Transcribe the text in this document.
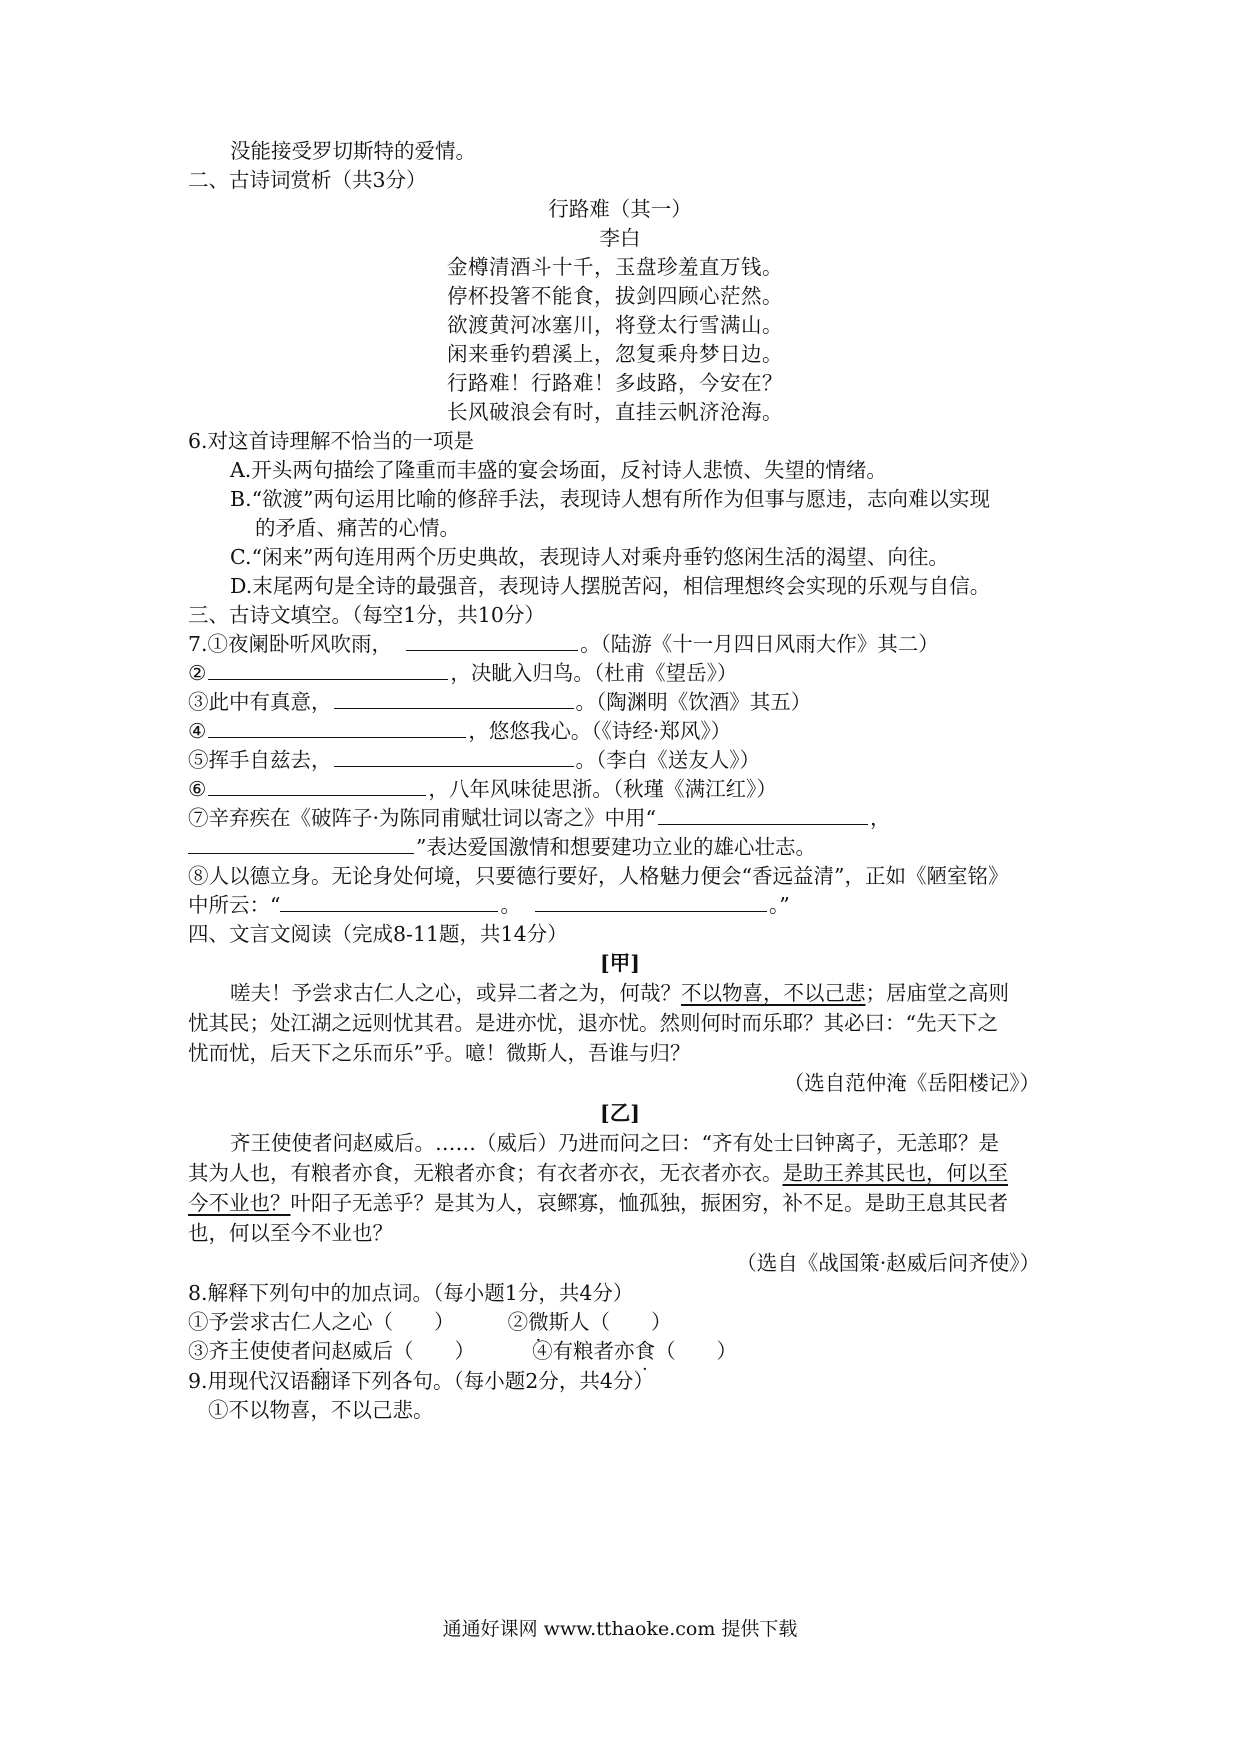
没能接受罗切斯特的爱情。
二、古诗词赏析（共3分）
行路难（其一）
李白
金樽清酒斗十千，玉盘珍羞直万钱。
停杯投箸不能食，拔剑四顾心茫然。
欲渡黄河冰塞川，将登太行雪满山。
闲来垂钓碧溪上，忽复乘舟梦日边。
行路难！行路难！多歧路，今安在？
长风破浪会有时，直挂云帆济沧海。
6.对这首诗理解不恰当的一项是
A.开头两句描绘了隆重而丰盛的宴会场面，反衬诗人悲愤、失望的情绪。
B.“欲渡”两句运用比喻的修辞手法，表现诗人想有所作为但事与愿违，志向难以实现
的矛盾、痛苦的心情。
C.“闲来”两句连用两个历史典故，表现诗人对乘舟垂钓悠闲生活的渴望、向往。
D.末尾两句是全诗的最强音，表现诗人摆脱苦闷，相信理想终会实现的乐观与自信。
三、古诗文填空。（每空1分，共10分）
7.①夜阑卧听风吹雨，	。（陆游《十一月四日风雨大作》其二）
②	，决眦入归鸟。（杜甫《望岳》）
③此中有真意，	。（陶渊明《饮酒》其五）
④	，悠悠我心。（《诗经·郑风》）
⑤挥手自兹去，	。（李白《送友人》）
⑥	，八年风味徒思浙。（秋瑾《满江红》）
⑦辛弃疾在《破阵子·为陈同甫赋壮词以寄之》中用“	，
”表达爱国激情和想要建功立业的雄心壮志。
⑧人以德立身。无论身处何境，只要德行要好，人格魅力便会“香远益清”，正如《陋室铭》
中所云：“	。	。”
四、文言文阅读（完成8-11题，共14分）
[甲]
嗟夫！予尝求古仁人之心，或异二者之为，何哉？不以物喜，不以己悲；居庙堂之高则
忧其民；处江湖之远则忧其君。是进亦忧，退亦忧。然则何时而乐耶？其必曰：“先天下之
忧而忧，后天下之乐而乐”乎。噫！微斯人，吾谁与归？
（选自范仲淹《岳阳楼记》）
[乙]
齐王使使者问赵威后。……（威后）乃进而问之曰：“齐有处士曰钟离子，无恙耶？是
其为人也，有粮者亦食，无粮者亦食；有衣者亦衣，无衣者亦衣。是助王养其民也，何以至
今不业也？叶阳子无恙乎？是其为人，哀鳏寡，恤孤独，振困穷，补不足。是助王息其民者
也，何以至今不业也？
（选自《战国策·赵威后问齐使》）
8.解释下列句中的加点词。（每小题1分，共4分）
①予尝求古仁人之心（　　）	②微斯人（　　）
③齐王使使者问赵威后（　　）	④有粮者亦食（　　）
9.用现代汉语翻译下列各句。（每小题2分，共4分）
①不以物喜，不以己悲。
通通好课网 www.tthaoke.com 提供下载
